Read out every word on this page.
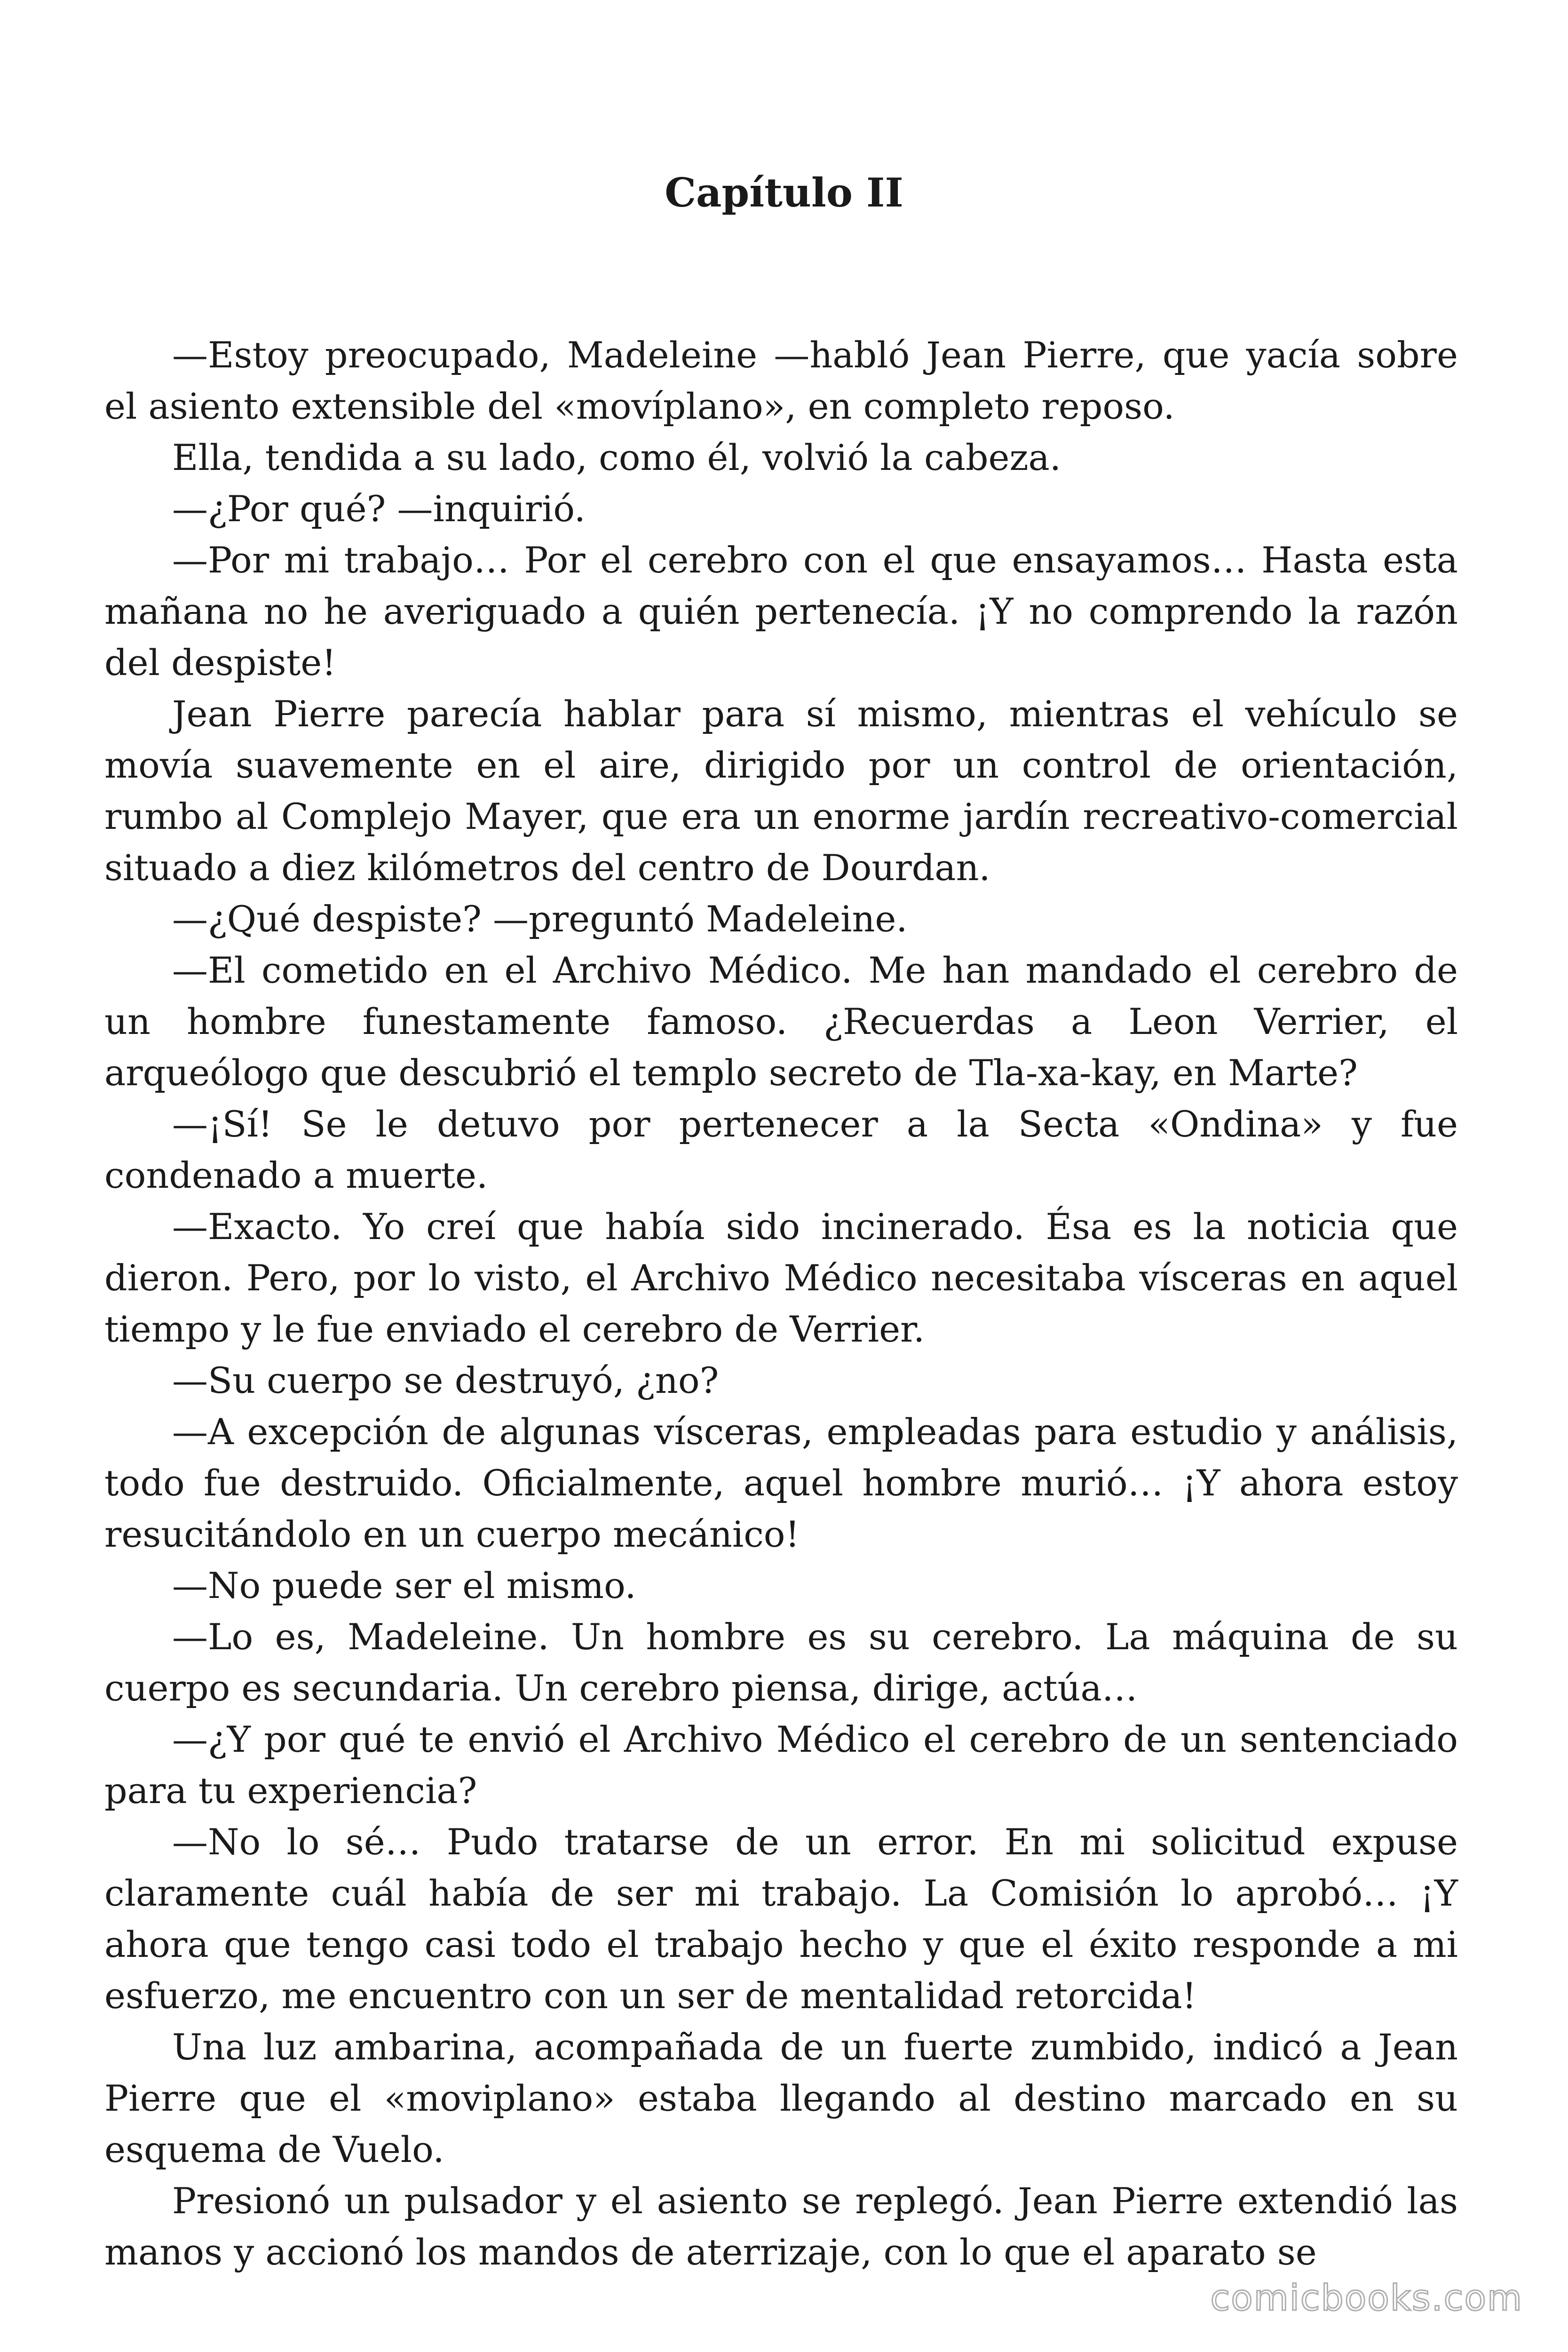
Capítulo II

—Estoy preocupado, Madeleine —habló Jean Pierre, que yacía sobre el asiento extensible del «movíplano», en completo reposo.

Ella, tendida a su lado, como él, volvió la cabeza.

—¿Por qué? —inquirió.

—Por mi trabajo… Por el cerebro con el que ensayamos… Hasta esta mañana no he averiguado a quién pertenecía. ¡Y no comprendo la razón del despiste!

Jean Pierre parecía hablar para sí mismo, mientras el vehículo se movía suavemente en el aire, dirigido por un control de orientación, rumbo al Complejo Mayer, que era un enorme jardín recreativo-comercial situado a diez kilómetros del centro de Dourdan.

—¿Qué despiste? —preguntó Madeleine.

—El cometido en el Archivo Médico. Me han mandado el cerebro de un hombre funestamente famoso. ¿Recuerdas a Leon Verrier, el arqueólogo que descubrió el templo secreto de Tla-xa-kay, en Marte?

—¡Sí! Se le detuvo por pertenecer a la Secta «Ondina» y fue condenado a muerte.

—Exacto. Yo creí que había sido incinerado. Ésa es la noticia que dieron. Pero, por lo visto, el Archivo Médico necesitaba vísceras en aquel tiempo y le fue enviado el cerebro de Verrier.

—Su cuerpo se destruyó, ¿no?

—A excepción de algunas vísceras, empleadas para estudio y análisis, todo fue destruido. Oficialmente, aquel hombre murió… ¡Y ahora estoy resucitándolo en un cuerpo mecánico!

—No puede ser el mismo.

—Lo es, Madeleine. Un hombre es su cerebro. La máquina de su cuerpo es secundaria. Un cerebro piensa, dirige, actúa…

—¿Y por qué te envió el Archivo Médico el cerebro de un sentenciado para tu experiencia?

—No lo sé… Pudo tratarse de un error. En mi solicitud expuse claramente cuál había de ser mi trabajo. La Comisión lo aprobó… ¡Y ahora que tengo casi todo el trabajo hecho y que el éxito responde a mi esfuerzo, me encuentro con un ser de mentalidad retorcida!

Una luz ambarina, acompañada de un fuerte zumbido, indicó a Jean Pierre que el «moviplano» estaba llegando al destino marcado en su esquema de Vuelo.

Presionó un pulsador y el asiento se replegó. Jean Pierre extendió las manos y accionó los mandos de aterrizaje, con lo que el aparato se

comicbooks.com
